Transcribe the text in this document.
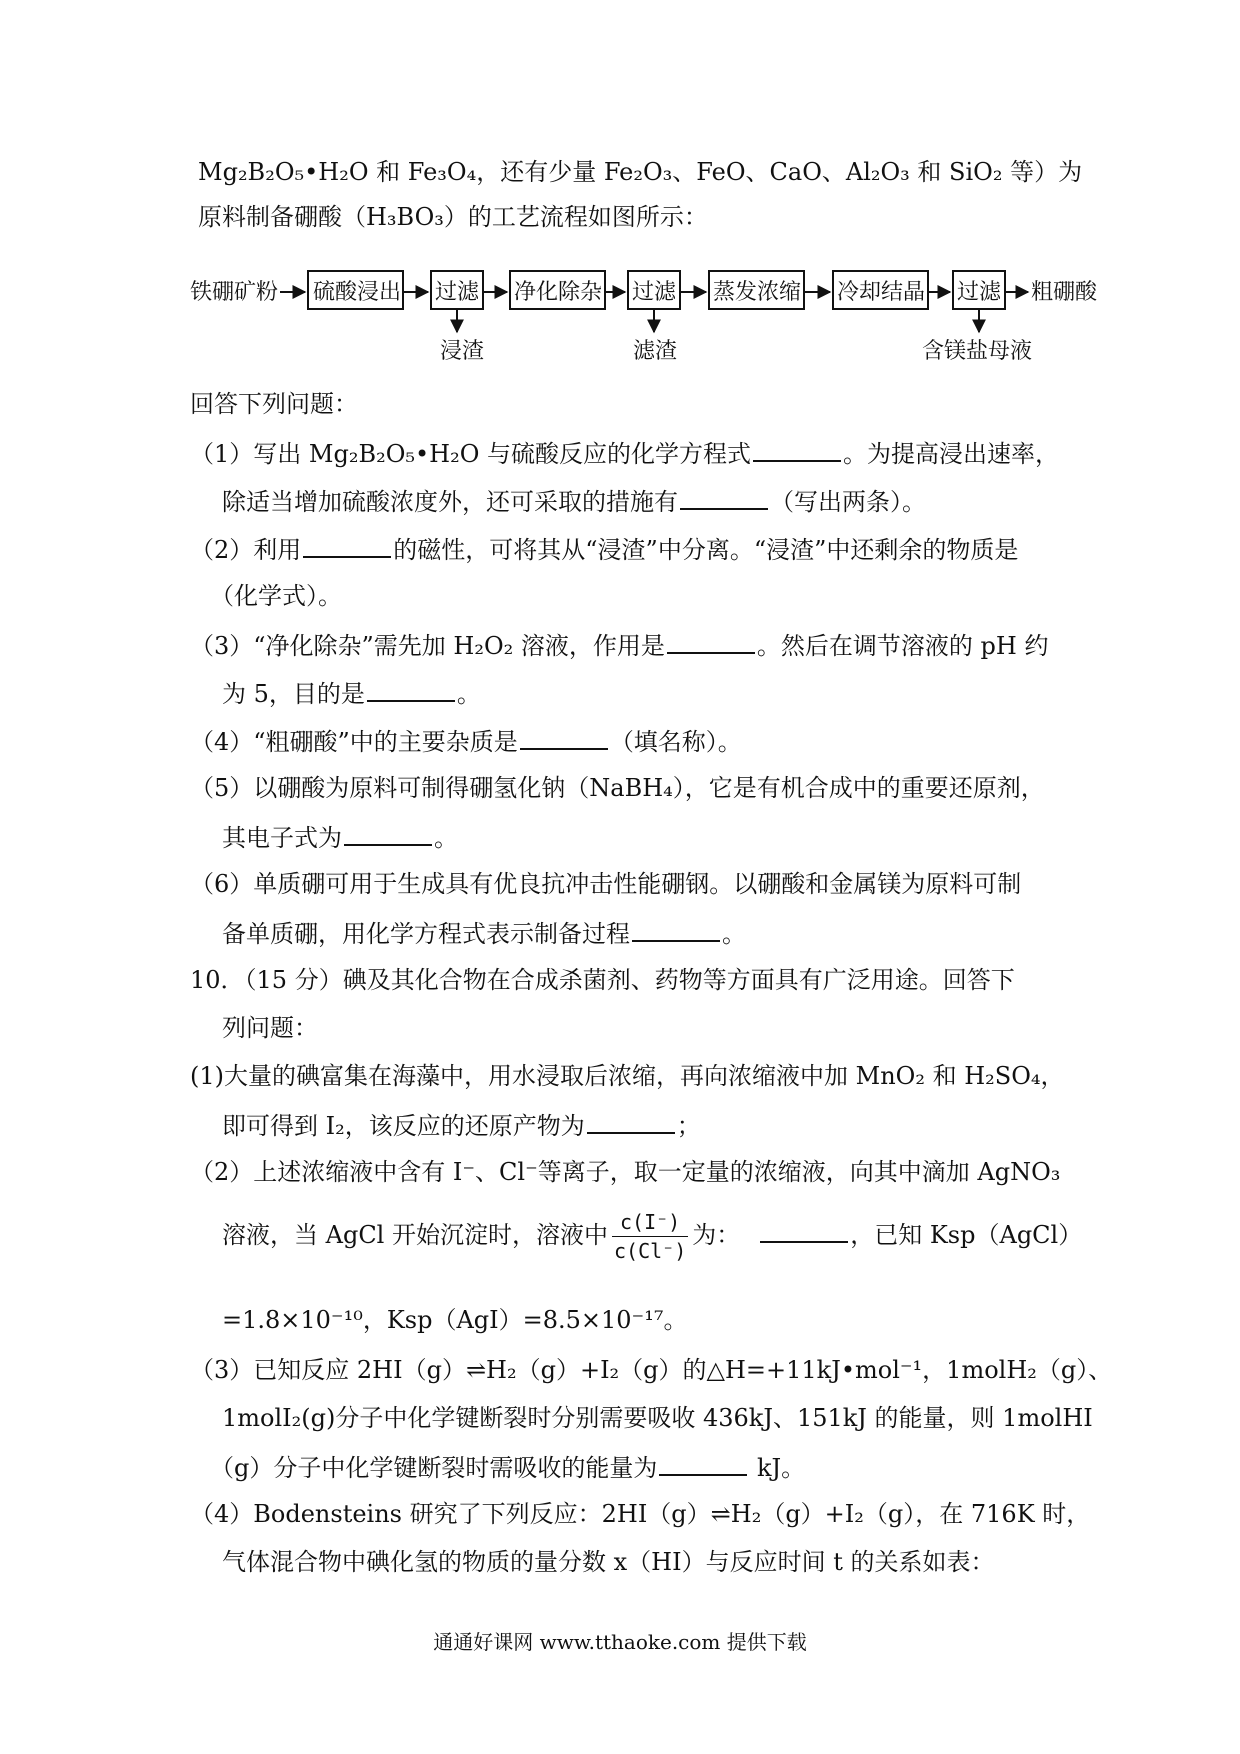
Mg₂B₂O₅•H₂O 和 Fe₃O₄，还有少量 Fe₂O₃、FeO、CaO、Al₂O₃ 和 SiO₂ 等）为
原料制备硼酸（H₃BO₃）的工艺流程如图所示：
铁硼矿粉 硫酸浸出 过滤
浸渣
净化除杂 过滤
滤渣
蒸发浓缩 冷却结晶 过滤
含镁盐母液
粗硼酸
回答下列问题：
（1）写出 Mg₂B₂O₅•H₂O 与硫酸反应的化学方程式	。为提高浸出速率，
除适当增加硫酸浓度外，还可采取的措施有	（写出两条）。
（2）利用	的磁性，可将其从“浸渣”中分离。“浸渣”中还剩余的物质是
（化学式）。
（3）“净化除杂”需先加 H₂O₂ 溶液，作用是	。然后在调节溶液的 pH 约
为 5，目的是	。
（4）“粗硼酸”中的主要杂质是	（填名称）。
（5）以硼酸为原料可制得硼氢化钠（NaBH₄），它是有机合成中的重要还原剂，
其电子式为	。
（6）单质硼可用于生成具有优良抗冲击性能硼钢。以硼酸和金属镁为原料可制
备单质硼，用化学方程式表示制备过程	。
10．（15 分）碘及其化合物在合成杀菌剂、药物等方面具有广泛用途。回答下
列问题：
(1)大量的碘富集在海藻中，用水浸取后浓缩，再向浓缩液中加 MnO₂ 和 H₂SO₄，
即可得到 I₂，该反应的还原产物为	；
（2）上述浓缩液中含有 I⁻、Cl⁻等离子，取一定量的浓缩液，向其中滴加 AgNO₃
溶液，当 AgCl 开始沉淀时，溶液中 $\frac{c(I^-)}{c(Cl^-)}$ 为：	，已知 Ksp（AgCl）
=1.8×10⁻¹⁰，Ksp（AgI）=8.5×10⁻¹⁷。
（3）已知反应 2HI（g）⇌H₂（g）+I₂（g）的△H=+11kJ•mol⁻¹，1molH₂（g）、
1molI₂(g)分子中化学键断裂时分别需要吸收 436kJ、151kJ 的能量，则 1molHI
（g）分子中化学键断裂时需吸收的能量为	kJ。
（4）Bodensteins 研究了下列反应：2HI（g）⇌H₂（g）+I₂（g），在 716K 时，
气体混合物中碘化氢的物质的量分数 x（HI）与反应时间 t 的关系如表：
通通好课网 www.tthaoke.com 提供下载
